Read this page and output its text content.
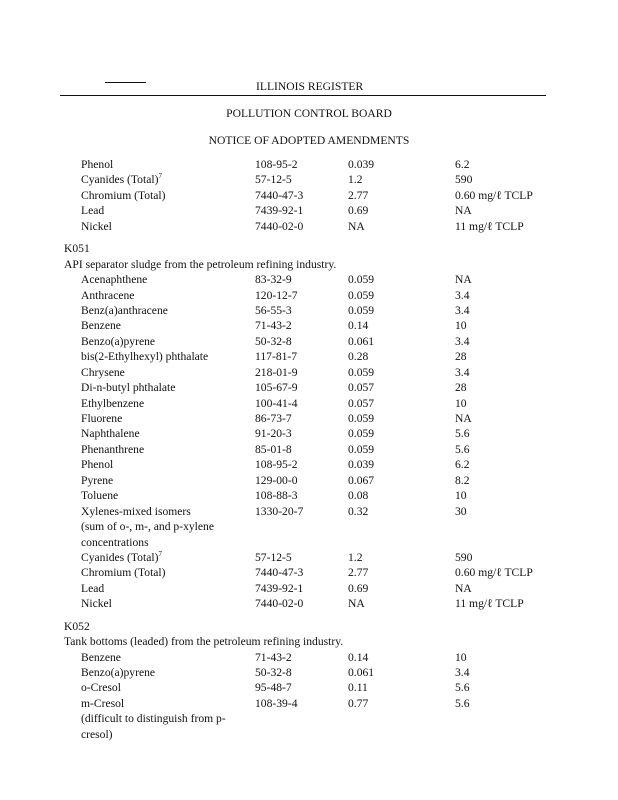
ILLINOIS REGISTER
POLLUTION CONTROL BOARD
NOTICE OF ADOPTED AMENDMENTS
Phenol	108-95-2	0.039	6.2
Cyanides (Total)$^7$	57-12-5	1.2	590
Chromium (Total)	7440-47-3	2.77	0.60 mg/ℓ TCLP
Lead	7439-92-1	0.69	NA
Nickel	7440-02-0	NA	11 mg/ℓ TCLP
K051
API separator sludge from the petroleum refining industry.
Acenaphthene	83-32-9	0.059	NA
Anthracene	120-12-7	0.059	3.4
Benz(a)anthracene	56-55-3	0.059	3.4
Benzene	71-43-2	0.14	10
Benzo(a)pyrene	50-32-8	0.061	3.4
bis(2-Ethylhexyl) phthalate	117-81-7	0.28	28
Chrysene	218-01-9	0.059	3.4
Di-n-butyl phthalate	105-67-9	0.057	28
Ethylbenzene	100-41-4	0.057	10
Fluorene	86-73-7	0.059	NA
Naphthalene	91-20-3	0.059	5.6
Phenanthrene	85-01-8	0.059	5.6
Phenol	108-95-2	0.039	6.2
Pyrene	129-00-0	0.067	8.2
Toluene	108-88-3	0.08	10
Xylenes-mixed isomers	1330-20-7	0.32	30
(sum of o-, m-, and p-xylene
concentrations
Cyanides (Total)$^7$	57-12-5	1.2	590
Chromium (Total)	7440-47-3	2.77	0.60 mg/ℓ TCLP
Lead	7439-92-1	0.69	NA
Nickel	7440-02-0	NA	11 mg/ℓ TCLP
K052
Tank bottoms (leaded) from the petroleum refining industry.
Benzene	71-43-2	0.14	10
Benzo(a)pyrene	50-32-8	0.061	3.4
o-Cresol	95-48-7	0.11	5.6
m-Cresol	108-39-4	0.77	5.6
(difficult to distinguish from p-
cresol)
